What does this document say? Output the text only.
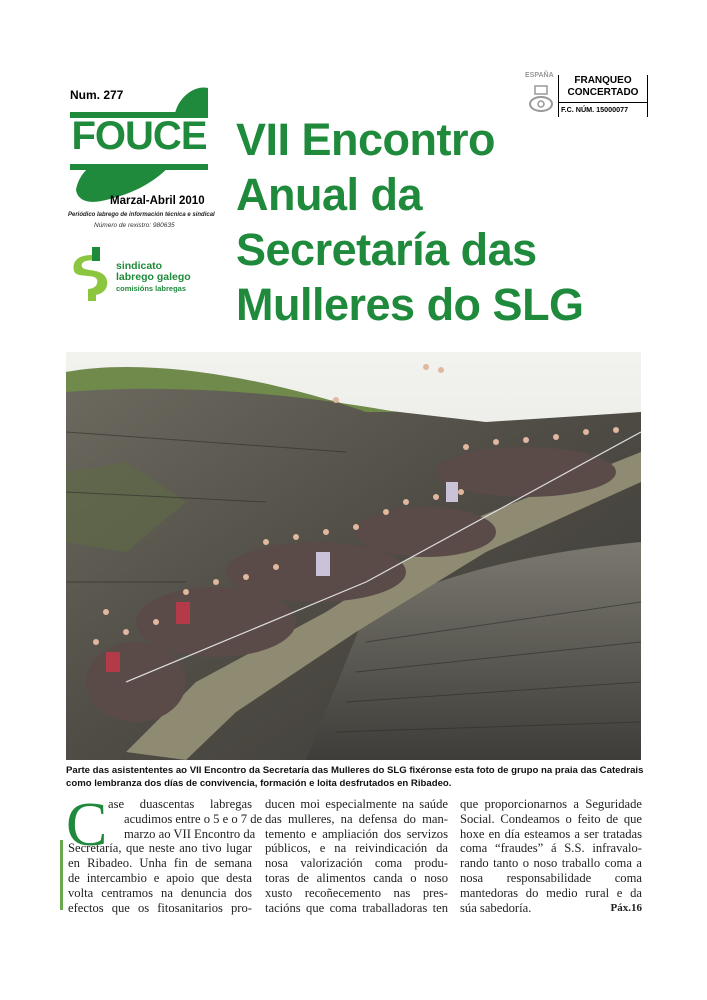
Num. 277
FOUCE
Marzal-Abril 2010
Periódico labrego de información técnica e sindical
Número de rexistro: 980635
sindicato
labrego galego
comisións labregas
ESPAÑA	FRANQUEO
CONCERTADO
F.C. NÚM. 15000077
VII Encontro
Anual da
Secretaría das
Mulleres do SLG
Parte das asistententes ao VII Encontro da Secretaría das Mulleres do SLG fixéronse esta foto de grupo na praia das Catedrais como lembranza dos días de convivencia, formación e loita desfrutados en Ribadeo.
C ase duascentas labregas
acudimos entre o 5 e o 7 de
marzo ao VII Encontro da
Secretaría, que neste ano tivo lugar
en Ribadeo. Unha fin de semana
de intercambio e apoio que desta
volta centramos na denuncia dos
efectos que os fitosanitarios pro-
ducen moi especialmente na saúde
das mulleres, na defensa do man-
temento e ampliación dos servizos
públicos, e na reivindicación da
nosa valorización coma produ-
toras de alimentos canda o noso
xusto recoñecemento nas pres-
tacións que coma traballadoras ten
que proporcionarnos a Seguridade
Social. Condeamos o feito de que
hoxe en día esteamos a ser tratadas
coma “fraudes” á S.S. infravalo-
rando tanto o noso traballo coma a
nosa responsabilidade coma
mantedoras do medio rural e da
súa sabedoría.	Páx.16
